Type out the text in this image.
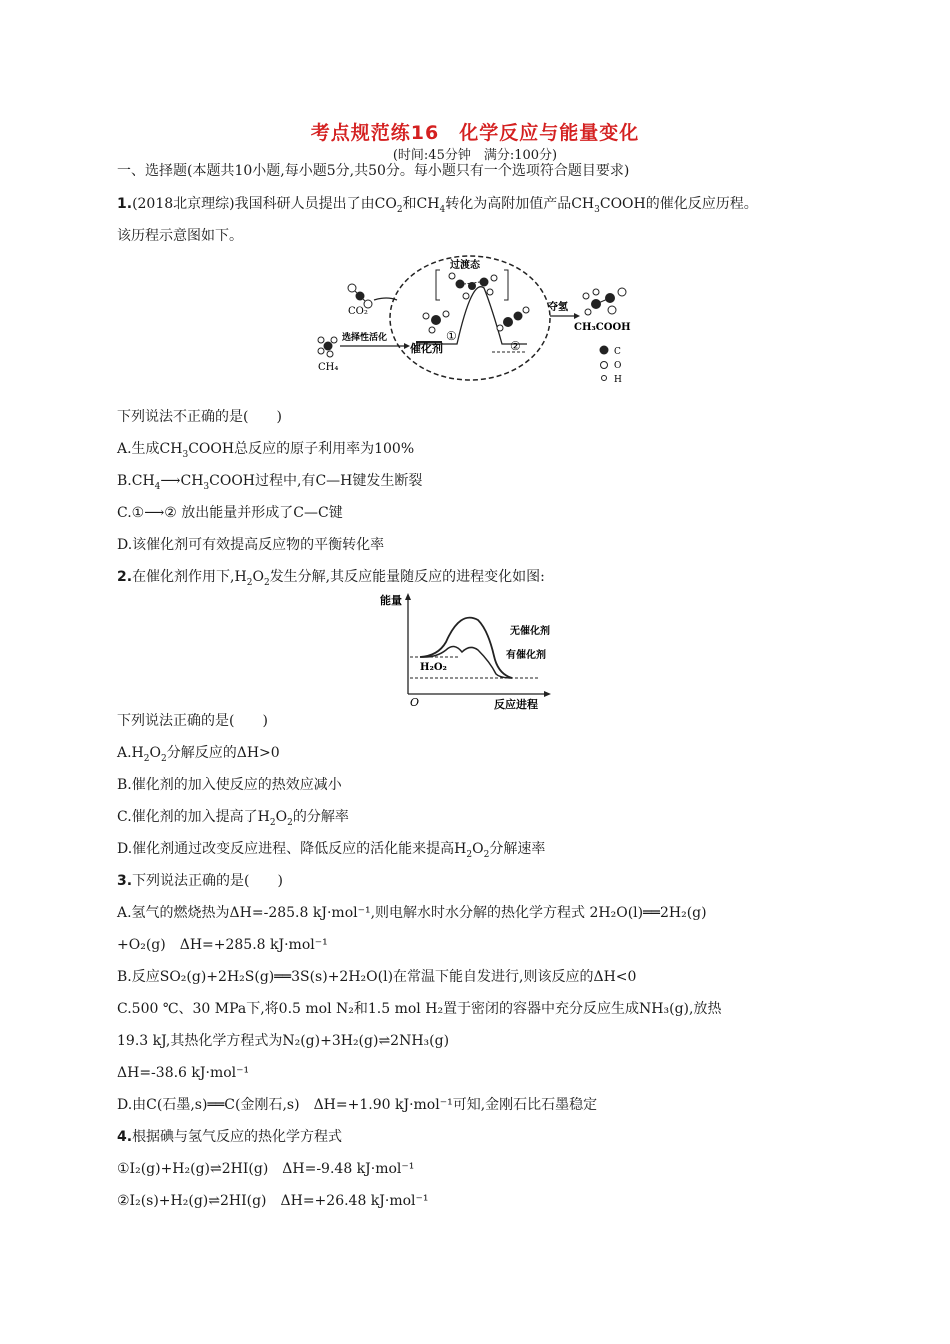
考点规范练16　化学反应与能量变化
(时间:45分钟　满分:100分)
一、选择题(本题共10小题,每小题5分,共50分。每小题只有一个选项符合题目要求)
1.(2018北京理综)我国科研人员提出了由$CO_2$和$CH_4$转化为高附加值产品$CH_3COOH$的催化反应历程。
该历程示意图如下。
CO₂
CH₄
选择性活化	①
催化剂
过渡态
②
夺氢
CH₃COOH
C
O
H
下列说法不正确的是(　　)
A.生成$CH_3COOH$总反应的原子利用率为100%
$B.CH_4⟶CH_3COOH$过程中,有C—H键发生断裂
C.①⟶② 放出能量并形成了C—C键
D.该催化剂可有效提高反应物的平衡转化率
2.在催化剂作用下$,H_2O_2$发生分解,其反应能量随反应的进程变化如图:
能量
反应进程
O
无催化剂
有催化剂
H₂O₂
下列说法正确的是(　　)
$A.H_2O_2$分解反应的ΔH>0
B.催化剂的加入使反应的热效应减小
C.催化剂的加入提高了$H_2O_2$的分解率
D.催化剂通过改变反应进程、降低反应的活化能来提高$H_2O_2$分解速率
3.下列说法正确的是(　　)
A.氢气的燃烧热为ΔH=-285.8 kJ·mol⁻¹,则电解水时水分解的热化学方程式 2H₂O(l)══2H₂(g)
+O₂(g)　ΔH=+285.8 kJ·mol⁻¹
B.反应SO₂(g)+2H₂S(g)══3S(s)+2H₂O(l)在常温下能自发进行,则该反应的ΔH<0
C.500 ℃、30 MPa下,将0.5 mol N₂和1.5 mol H₂置于密闭的容器中充分反应生成NH₃(g),放热
19.3 kJ,其热化学方程式为N₂(g)+3H₂(g)⇌2NH₃(g)
ΔH=-38.6 kJ·mol⁻¹
D.由C(石墨,s)══C(金刚石,s)　ΔH=+1.90 kJ·mol⁻¹可知,金刚石比石墨稳定
4.根据碘与氢气反应的热化学方程式
①I₂(g)+H₂(g)⇌2HI(g)　ΔH=-9.48 kJ·mol⁻¹
②I₂(s)+H₂(g)⇌2HI(g)　ΔH=+26.48 kJ·mol⁻¹
